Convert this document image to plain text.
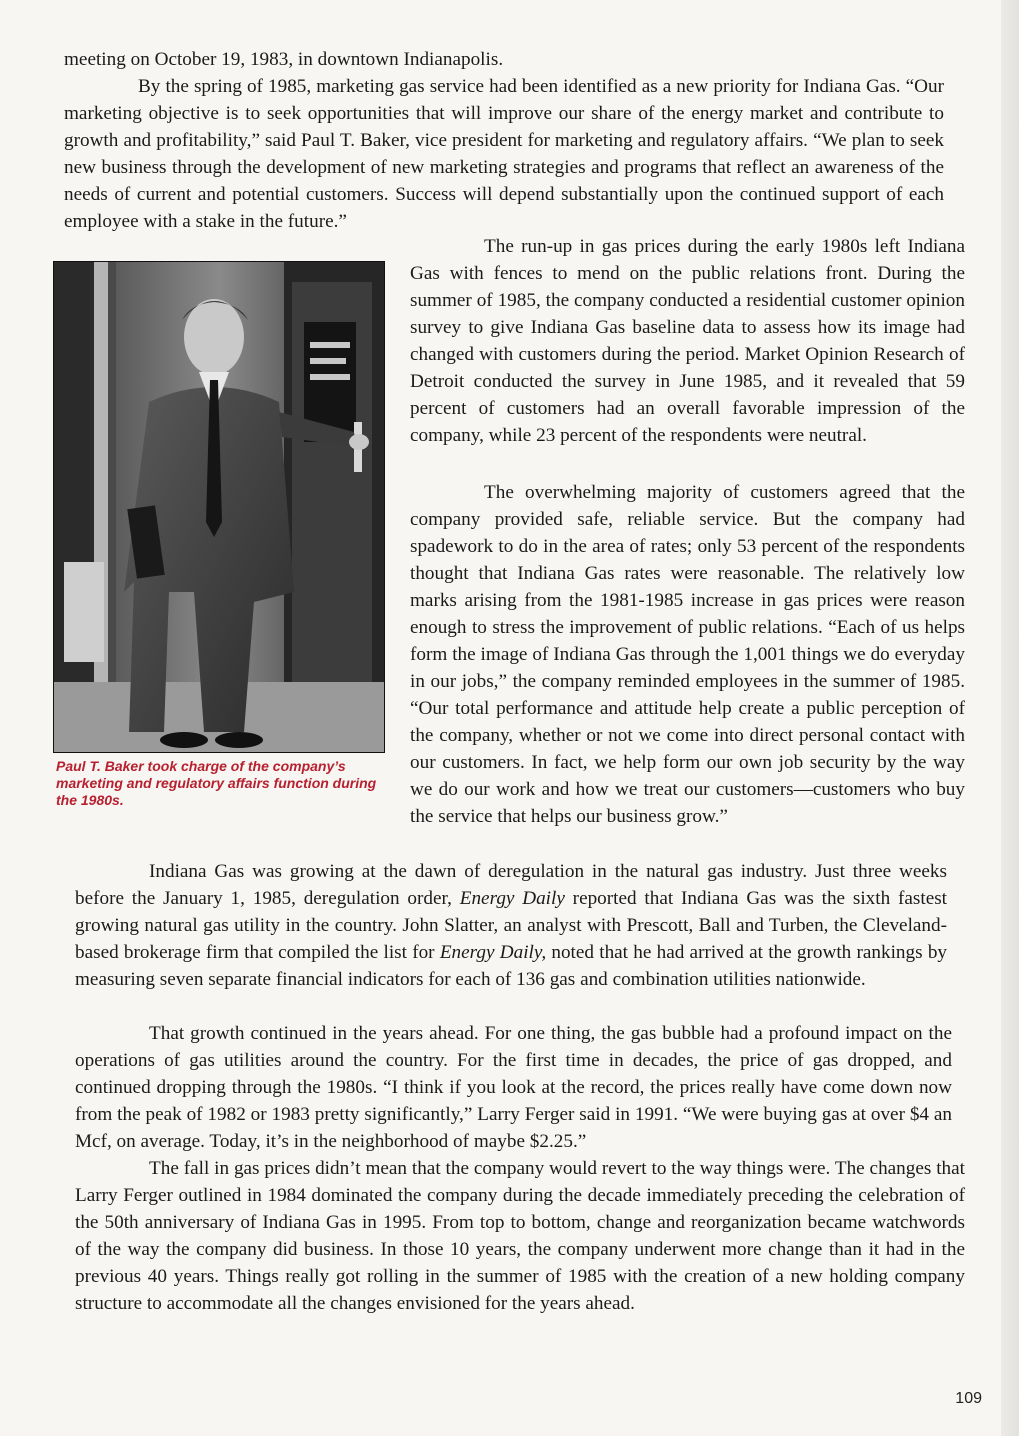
meeting on October 19, 1983, in downtown Indianapolis.

By the spring of 1985, marketing gas service had been identified as a new priority for Indiana Gas. “Our marketing objective is to seek opportunities that will improve our share of the energy market and contribute to growth and profitability,” said Paul T. Baker, vice president for marketing and regulatory affairs. “We plan to seek new business through the development of new marketing strategies and programs that reflect an awareness of the needs of current and potential customers. Success will depend substantially upon the continued support of each employee with a stake in the future.”

Paul T. Baker took charge of the company’s marketing and regulatory affairs function during the 1980s.

The run-up in gas prices during the early 1980s left Indiana Gas with fences to mend on the public relations front. During the summer of 1985, the company conducted a residential customer opinion survey to give Indiana Gas baseline data to assess how its image had changed with customers during the period. Market Opinion Research of Detroit conducted the survey in June 1985, and it revealed that 59 percent of customers had an overall favorable impression of the company, while 23 percent of the respondents were neutral.

The overwhelming majority of customers agreed that the company provided safe, reliable service. But the company had spadework to do in the area of rates; only 53 percent of the respondents thought that Indiana Gas rates were reasonable. The relatively low marks arising from the 1981-1985 increase in gas prices were reason enough to stress the improvement of public relations. “Each of us helps form the image of Indiana Gas through the 1,001 things we do everyday in our jobs,” the company reminded employees in the summer of 1985. “Our total performance and attitude help create a public perception of the company, whether or not we come into direct personal contact with our customers. In fact, we help form our own job security by the way we do our work and how we treat our customers—customers who buy the service that helps our business grow.”

Indiana Gas was growing at the dawn of deregulation in the natural gas industry. Just three weeks before the January 1, 1985, deregulation order, Energy Daily reported that Indiana Gas was the sixth fastest growing natural gas utility in the country. John Slatter, an analyst with Prescott, Ball and Turben, the Cleveland-based brokerage firm that compiled the list for Energy Daily, noted that he had arrived at the growth rankings by measuring seven separate financial indicators for each of 136 gas and combination utilities nationwide.

That growth continued in the years ahead. For one thing, the gas bubble had a profound impact on the operations of gas utilities around the country. For the first time in decades, the price of gas dropped, and continued dropping through the 1980s. “I think if you look at the record, the prices really have come down now from the peak of 1982 or 1983 pretty significantly,” Larry Ferger said in 1991. “We were buying gas at over $4 an Mcf, on average. Today, it’s in the neighborhood of maybe $2.25.”

The fall in gas prices didn’t mean that the company would revert to the way things were. The changes that Larry Ferger outlined in 1984 dominated the company during the decade immediately preceding the celebration of the 50th anniversary of Indiana Gas in 1995. From top to bottom, change and reorganization became watchwords of the way the company did business. In those 10 years, the company underwent more change than it had in the previous 40 years. Things really got rolling in the summer of 1985 with the creation of a new holding company structure to accommodate all the changes envisioned for the years ahead.

109
